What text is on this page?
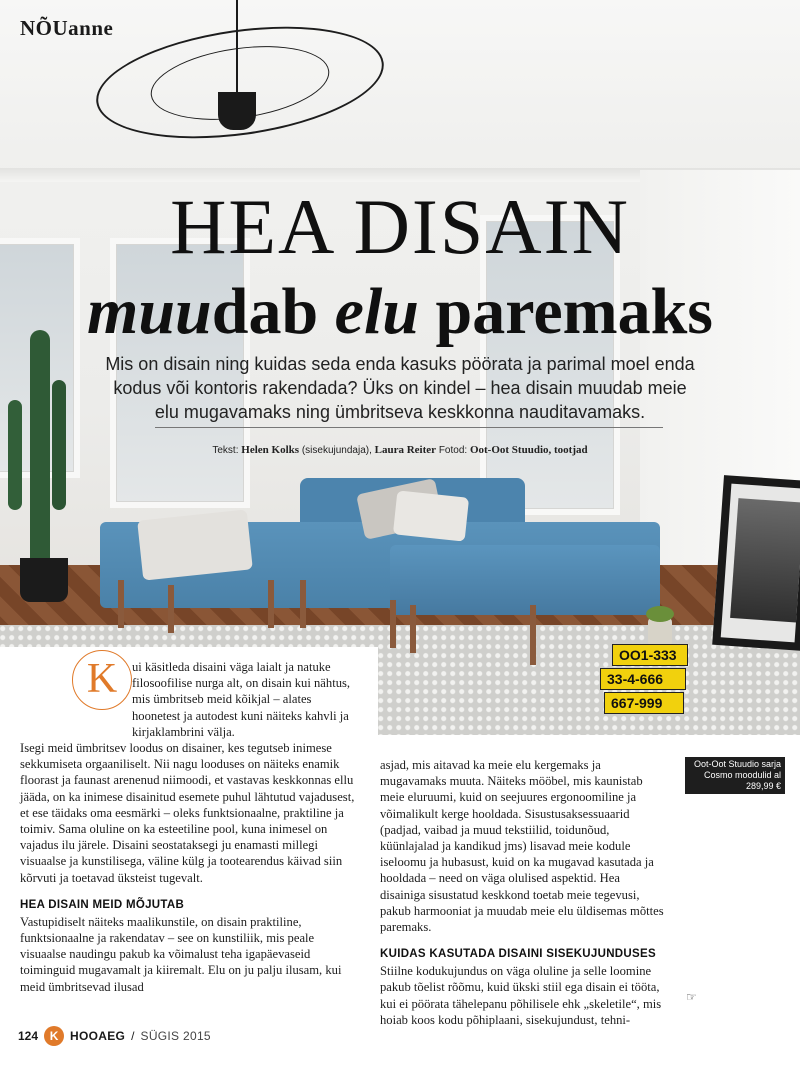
OO1-333
33-4-666
667-999
NÕUanne
HEA DISAIN
muudab elu paremaks

Mis on disain ning kuidas seda enda kasuks pöörata ja parimal moel enda kodus või kontoris rakendada? Üks on kindel – hea disain muudab meie elu mugavamaks ning ümbritseva keskkonna nauditavamaks.

Tekst: Helen Kolks (sisekujundaja), Laura Reiter Fotod: Oot-Oot Stuudio, tootjad

ui käsitleda disaini väga laialt ja natuke filosoofilise nurga alt, on disain kui nähtus, mis ümbritseb meid kõikjal – alates hoonetest ja autodest kuni näiteks kahvli ja kirjaklambrini välja.

Isegi meid ümbritsev loodus on disainer, kes tegutseb inimese sekkumiseta orgaaniliselt. Nii nagu looduses on näiteks enamik floorast ja faunast arenenud niimoodi, et vastavas keskkonnas ellu jääda, on ka inimese disainitud esemete puhul lähtutud vajadusest, et ese täidaks oma eesmärki – oleks funktsionaalne, praktiline ja toimiv. Sama oluline on ka esteetiline pool, kuna inimesel on vajadus ilu järele. Disaini seostataksegi ju enamasti millegi visuaalse ja kunstilisega, väline külg ja tootearendus käivad siin kõrvuti ja toetavad üksteist tugevalt.

HEA DISAIN MEID MÕJUTAB

Vastupidiselt näiteks maalikunstile, on disain praktiline, funktsionaalne ja rakendatav – see on kunstiliik, mis peale visuaalse naudingu pakub ka võimalust teha igapäevaseid toiminguid mugavamalt ja kiiremalt. Elu on ju palju ilusam, kui meid ümbritsevad ilusad

K

asjad, mis aitavad ka meie elu kergemaks ja mugavamaks muuta. Näiteks mööbel, mis kaunistab meie eluruumi, kuid on seejuures ergonoomiline ja võimalikult kerge hooldada. Sisustusaksessuaarid (padjad, vaibad ja muud tekstiilid, toidunõud, küünlajalad ja kandikud jms) lisavad meie kodule iseloomu ja hubasust, kuid on ka mugavad kasutada ja hooldada – need on väga olulised aspektid. Hea disainiga sisustatud keskkond toetab meie tegevusi, pakub harmooniat ja muudab meie elu üldisemas mõttes paremaks.

KUIDAS KASUTADA DISAINI SISEKUJUNDUSES

Stiilne kodukujundus on väga oluline ja selle loomine pakub tõelist rõõmu, kuid ükski stiil ega disain ei tööta, kui ei pöörata tähelepanu põhilisele ehk „skeletile“, mis hoiab koos kodu põhiplaani, sisekujundust, tehni-

Oot-Oot Stuudio sarja Cosmo moodulid al 289,99 €
☞
124 K HOOAEG / SÜGIS 2015
